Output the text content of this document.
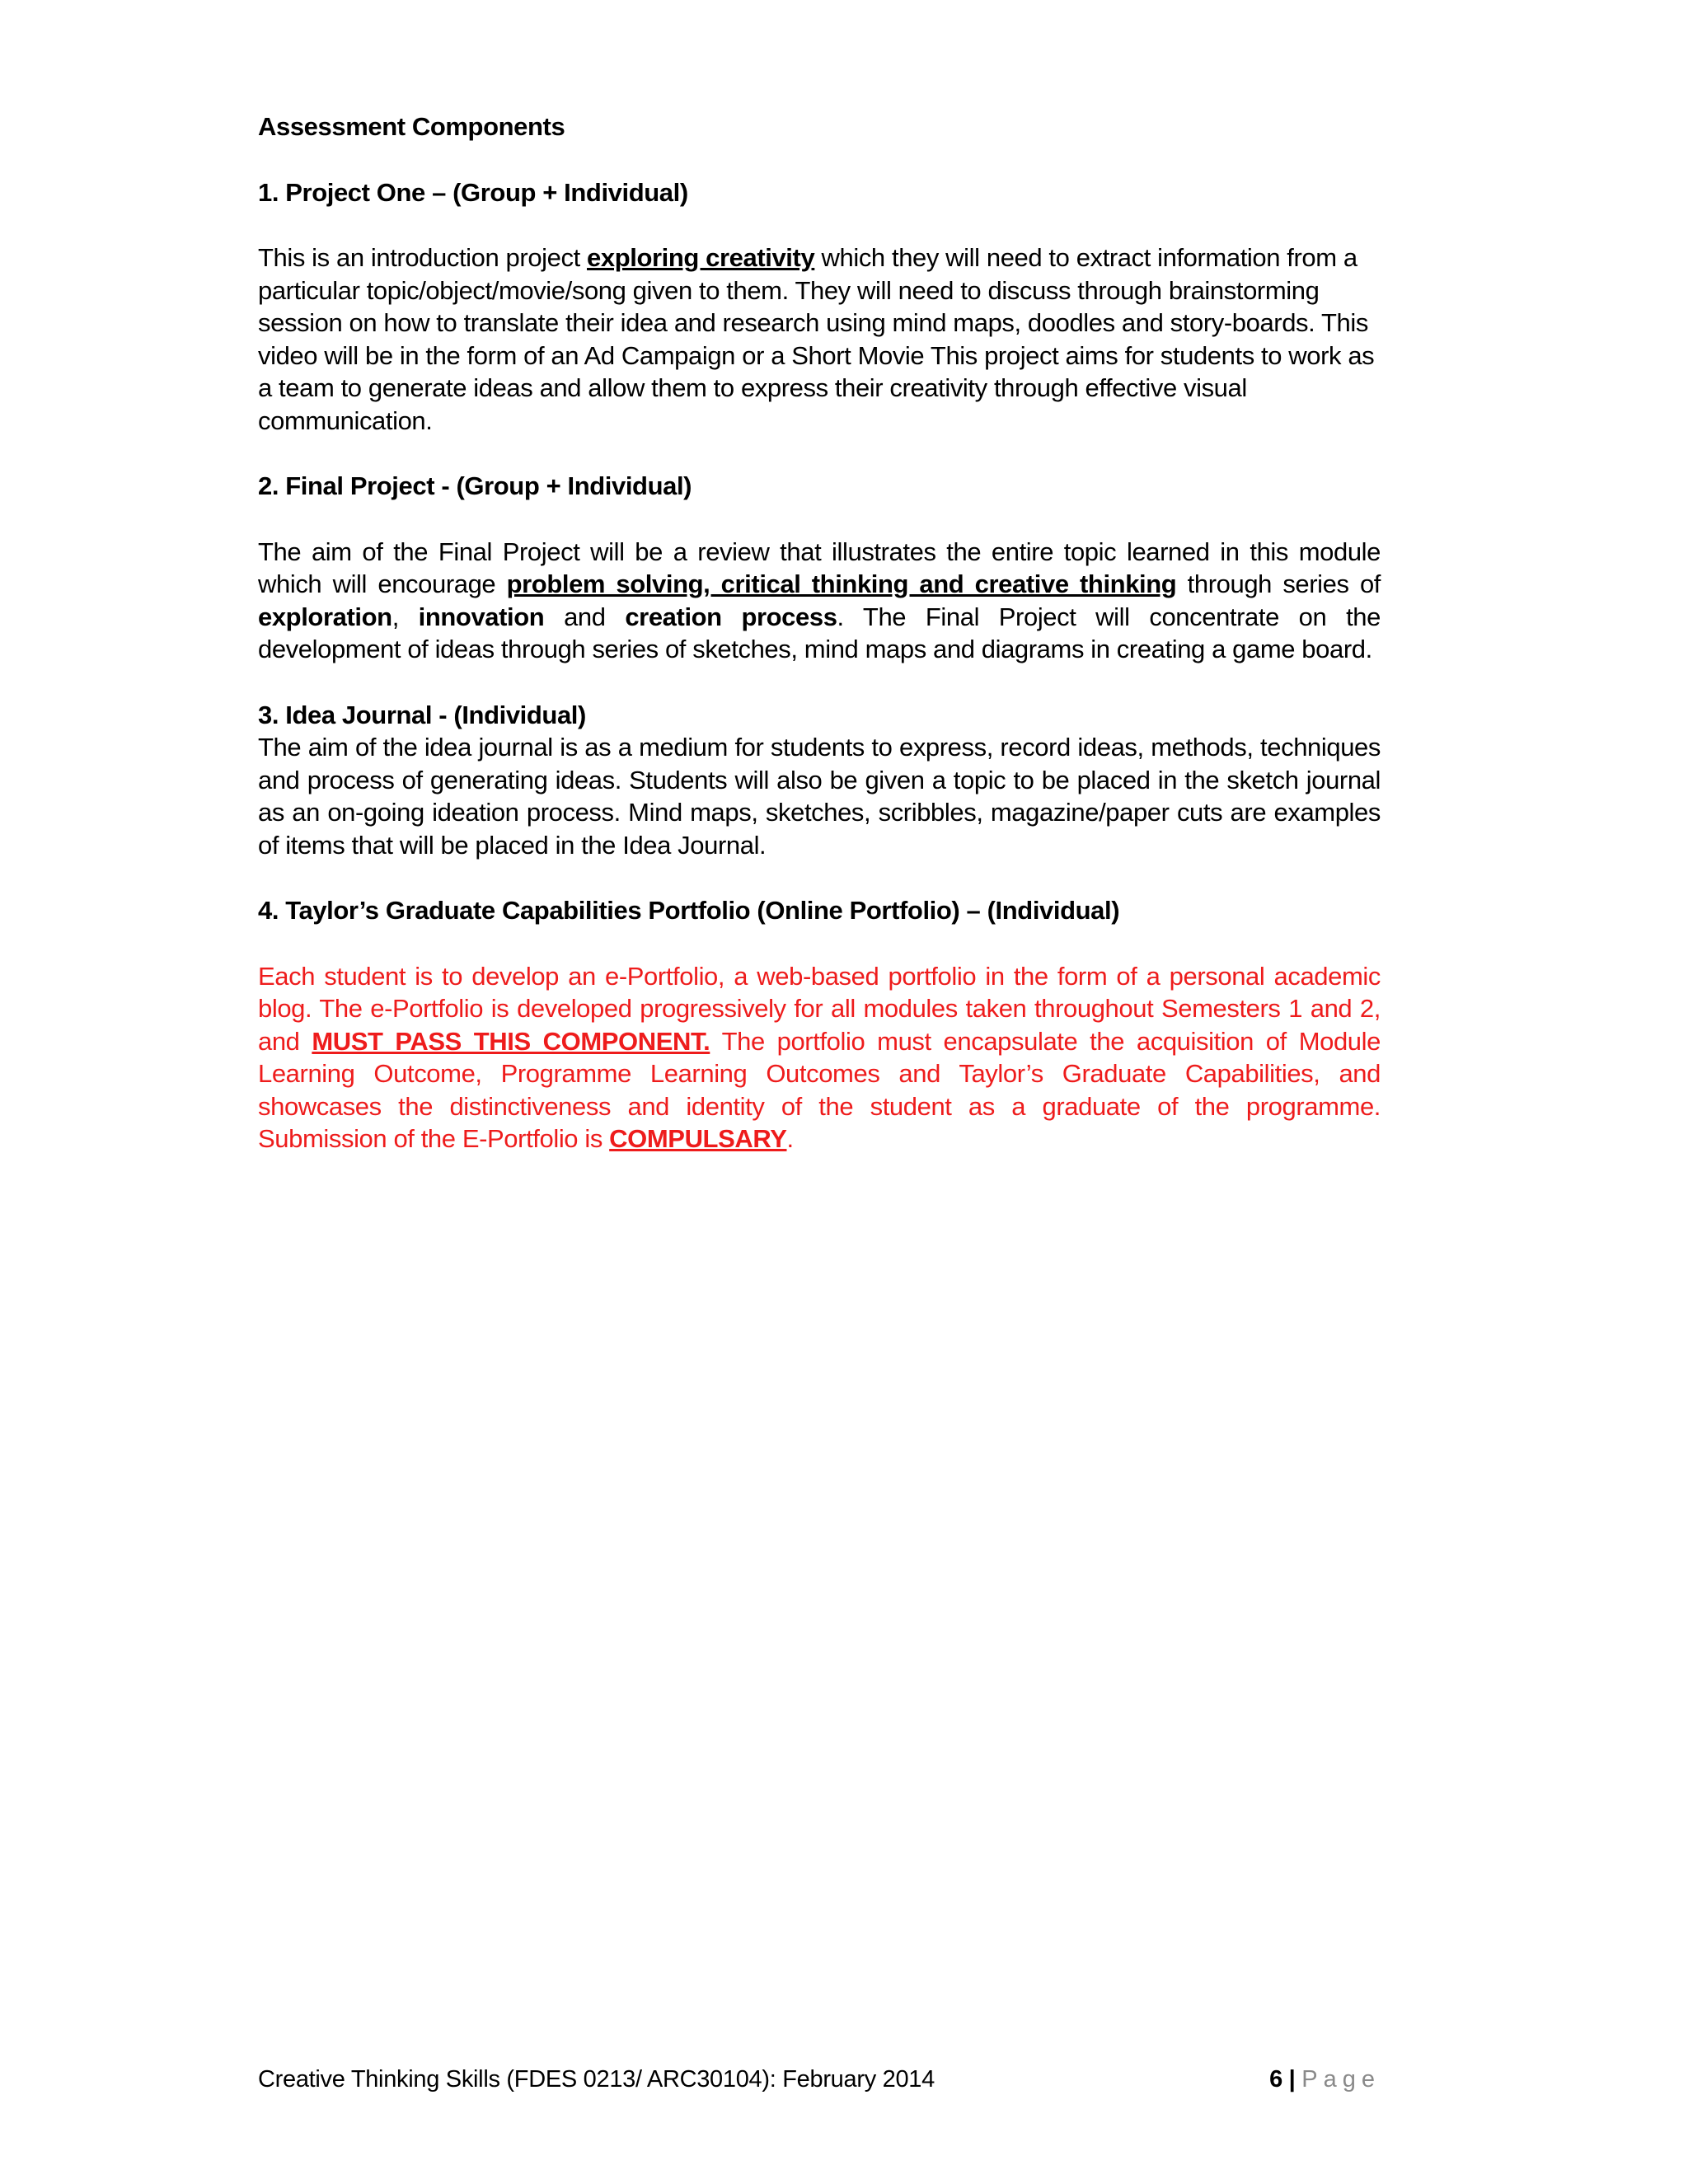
Assessment Components
1. Project One – (Group + Individual)

This is an introduction project exploring creativity which they will need to extract information from a particular topic/object/movie/song given to them. They will need to discuss through brainstorming session on how to translate their idea and research using mind maps, doodles and story-boards. This video will be in the form of an Ad Campaign or a Short Movie This project aims for students to work as a team to generate ideas and allow them to express their creativity through effective visual communication.

2. Final Project - (Group + Individual)

The aim of the Final Project will be a review that illustrates the entire topic learned in this module which will encourage problem solving, critical thinking and creative thinking through series of exploration, innovation and creation process. The Final Project will concentrate on the development of ideas through series of sketches, mind maps and diagrams in creating a game board.

3. Idea Journal - (Individual)

The aim of the idea journal is as a medium for students to express, record ideas, methods, techniques and process of generating ideas. Students will also be given a topic to be placed in the sketch journal as an on-going ideation process. Mind maps, sketches, scribbles, magazine/paper cuts are examples of items that will be placed in the Idea Journal.

4. Taylor’s Graduate Capabilities Portfolio (Online Portfolio) – (Individual)

Each student is to develop an e-Portfolio, a web-based portfolio in the form of a personal academic blog. The e-Portfolio is developed progressively for all modules taken throughout Semesters 1 and 2, and MUST PASS THIS COMPONENT. The portfolio must encapsulate the acquisition of Module Learning Outcome, Programme Learning Outcomes and Taylor’s Graduate Capabilities, and showcases the distinctiveness and identity of the student as a graduate of the programme. Submission of the E-Portfolio is COMPULSARY.

Creative Thinking Skills (FDES 0213/ ARC30104): February 2014	6 | Page
